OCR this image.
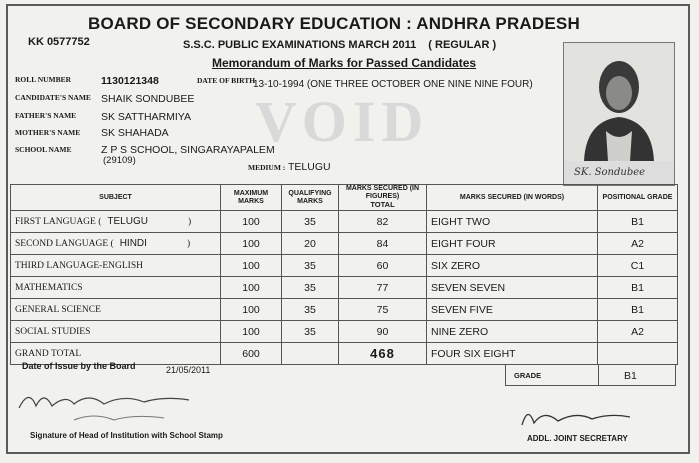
BOARD OF SECONDARY EDUCATION : ANDHRA PRADESH
KK 0577752	S.S.C. PUBLIC EXAMINATIONS MARCH 2011 ( REGULAR )
Memorandum of Marks for Passed Candidates
VOID
ROLL NUMBER	1130121348	DATE OF BIRTH
13-10-1994 (ONE THREE OCTOBER ONE NINE NINE FOUR)
CANDIDATE'S NAME SHAIK SONDUBEE
FATHER'S NAME SK SATTHARMIYA
MOTHER'S NAME SK SHAHADA
SCHOOL NAME	Z P S SCHOOL, SINGARAYAPALEM
(29109)
MEDIUM : TELUGU	SK. Sondubee
SUBJECT	MAXIMUM MARKS	QUALIFYING MARKS	MARKS SECURED (IN FIGURES)
TOTAL	MARKS SECURED (IN WORDS)	POSITIONAL GRADE
FIRST LANGUAGE ( TELUGU )	100	35	82	EIGHT TWO	B1
SECOND LANGUAGE ( HINDI )	100	20	84	EIGHT FOUR	A2
THIRD LANGUAGE-ENGLISH	100	35	60	SIX ZERO	C1
MATHEMATICS	100	35	77	SEVEN SEVEN	B1
GENERAL SCIENCE	100	35	75	SEVEN FIVE	B1
SOCIAL STUDIES	100	35	90	NINE ZERO	A2
GRAND TOTAL	600		468	FOUR SIX EIGHT	
Date of Issue by the Board	21/05/2011
GRADE	B1
Signature of Head of Institution with School Stamp	ADDL. JOINT SECRETARY
